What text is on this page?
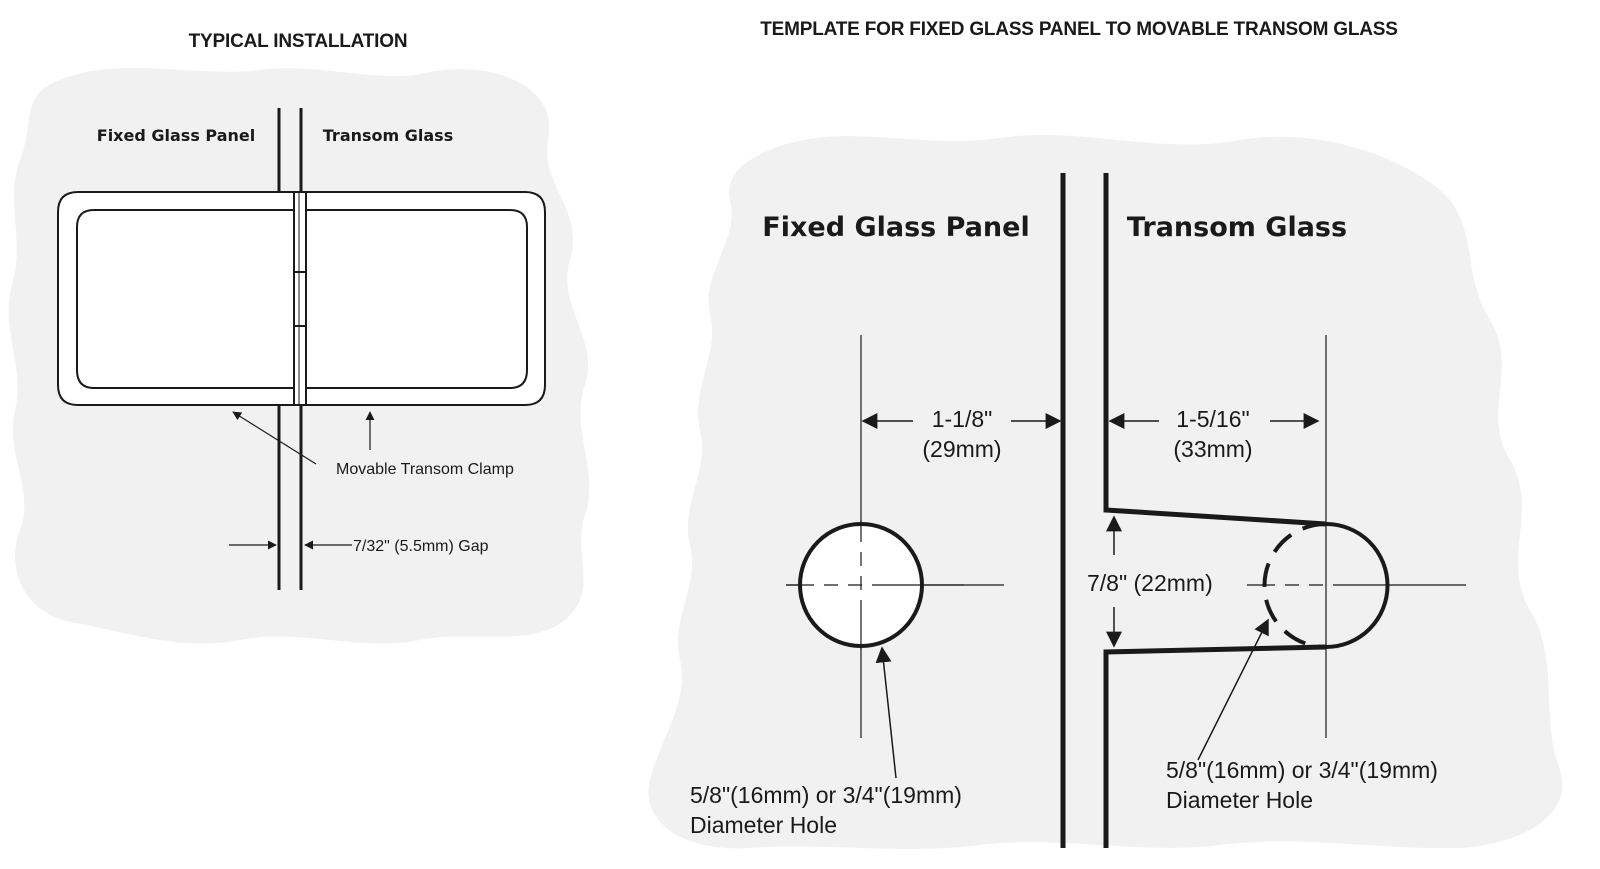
TYPICAL INSTALLATION
Fixed Glass Panel	Transom Glass
Movable Transom Clamp
7/32" (5.5mm) Gap
TEMPLATE FOR FIXED GLASS PANEL TO MOVABLE TRANSOM GLASS
Fixed Glass Panel	Transom Glass
1-1/8"
(29mm)
1-5/16"
(33mm)
7/8" (22mm)
5/8"(16mm) or 3/4"(19mm)
Diameter Hole
5/8"(16mm) or 3/4"(19mm)
Diameter Hole
